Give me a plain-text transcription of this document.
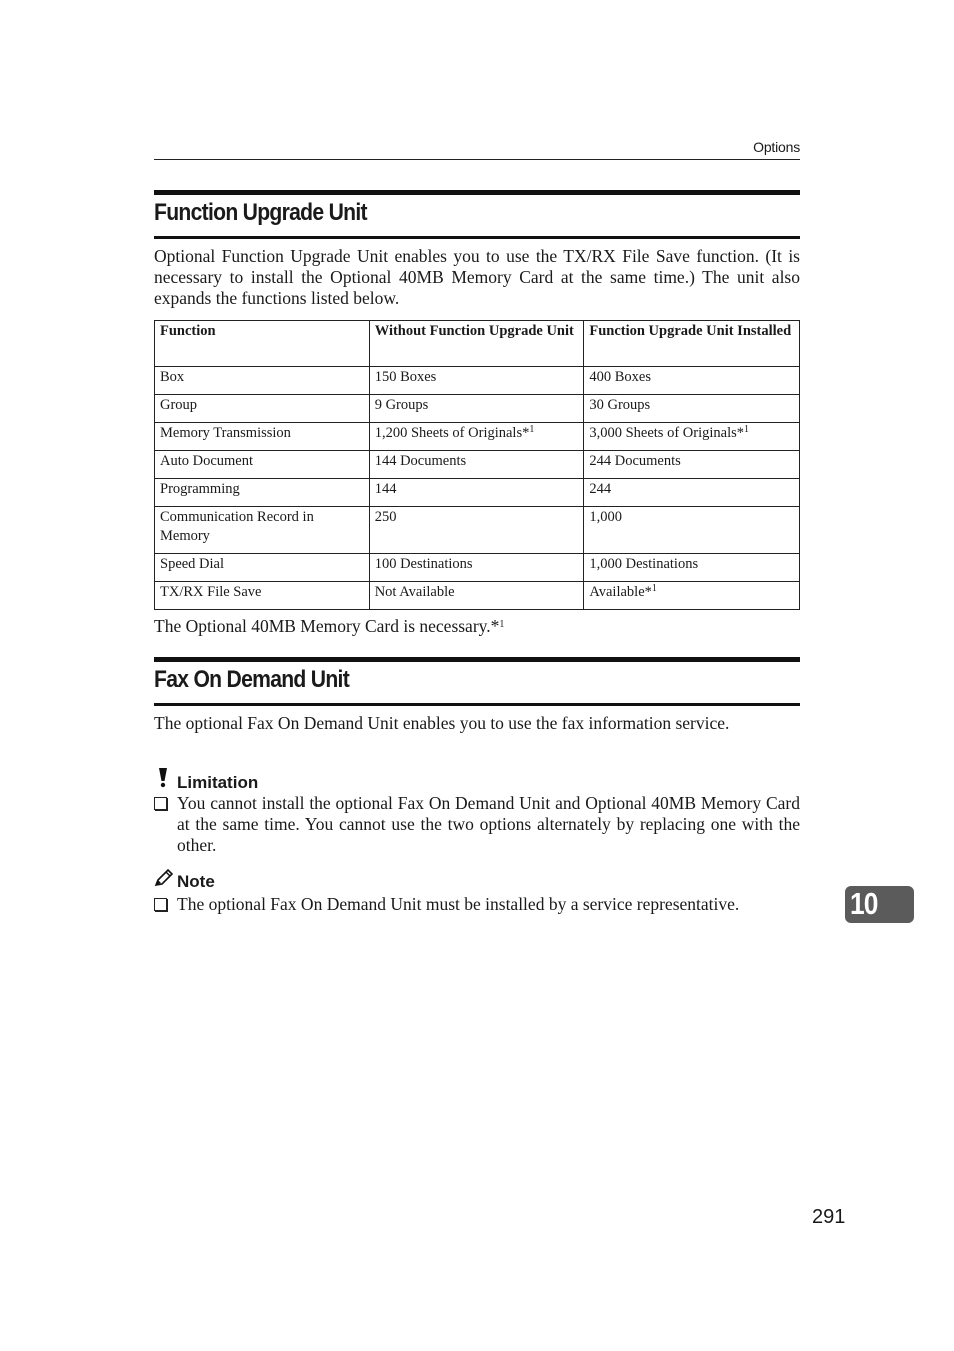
Options
Function Upgrade Unit
Optional Function Upgrade Unit enables you to use the TX/RX File Save function. (It is necessary to install the Optional 40MB Memory Card at the same time.) The unit also expands the functions listed below.
Function	Without Function Upgrade Unit	Function Upgrade Unit Installed
Box	150 Boxes	400 Boxes
Group	9 Groups	30 Groups
Memory Transmission	1,200 Sheets of Originals*$^1$	3,000 Sheets of Originals*$^1$
Auto Document	144 Documents	244 Documents
Programming	144	244
Communication Record in Memory	250	1,000
Speed Dial	100 Destinations	1,000 Destinations
TX/RX File Save	Not Available	Available*$^1$
The Optional 40MB Memory Card is necessary.*$^1$
Fax On Demand Unit
The optional Fax On Demand Unit enables you to use the fax information service.
Limitation
You cannot install the optional Fax On Demand Unit and Optional 40MB Memory Card at the same time. You cannot use the two options alternately by replacing one with the other.
Note
The optional Fax On Demand Unit must be installed by a service representative.	10
291
